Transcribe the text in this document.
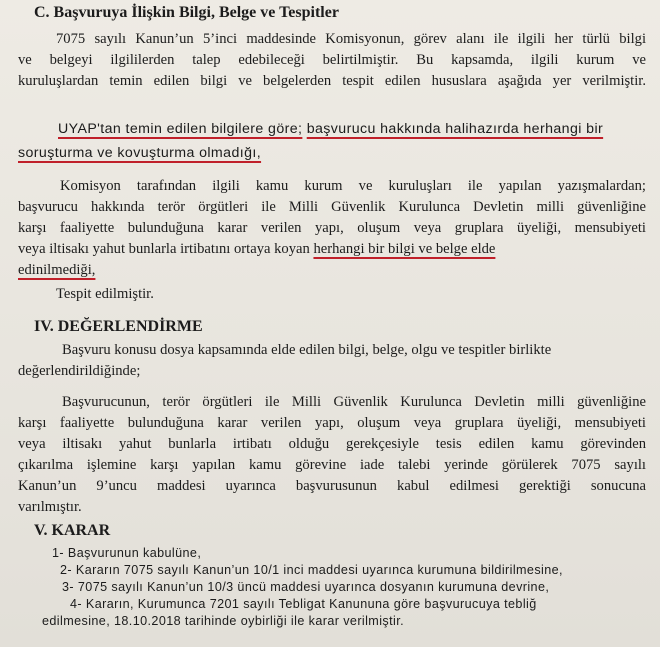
C. Başvuruya İlişkin Bilgi, Belge ve Tespitler
7075 sayılı Kanun’un 5’inci maddesinde Komisyonun, görev alanı ile ilgili her türlü bilgi
ve belgeyi ilgililerden talep edebileceği belirtilmiştir. Bu kapsamda, ilgili kurum ve
kuruluşlardan temin edilen bilgi ve belgelerden tespit edilen hususlara aşağıda yer verilmiştir.
UYAP'tan temin edilen bilgilere göre; başvurucu hakkında halihazırda herhangi bir
soruşturma ve kovuşturma olmadığı,
Komisyon tarafından ilgili kamu kurum ve kuruluşları ile yapılan yazışmalardan;
başvurucu hakkında terör örgütleri ile Milli Güvenlik Kurulunca Devletin milli güvenliğine
karşı faaliyette bulunduğuna karar verilen yapı, oluşum veya gruplara üyeliği, mensubiyeti
veya iltisakı yahut bunlarla irtibatını ortaya koyan herhangi bir bilgi ve belge elde
edinilmediği,
Tespit edilmiştir.
IV. DEĞERLENDİRME
Başvuru konusu dosya kapsamında elde edilen bilgi, belge, olgu ve tespitler birlikte
değerlendirildiğinde;
Başvurucunun, terör örgütleri ile Milli Güvenlik Kurulunca Devletin milli güvenliğine
karşı faaliyette bulunduğuna karar verilen yapı, oluşum veya gruplara üyeliği, mensubiyeti
veya iltisakı yahut bunlarla irtibatı olduğu gerekçesiyle tesis edilen kamu görevinden
çıkarılma işlemine karşı yapılan kamu görevine iade talebi yerinde görülerek 7075 sayılı
Kanun’un 9’uncu maddesi uyarınca başvurusunun kabul edilmesi gerektiği sonucuna
varılmıştır.
V. KARAR
1- Başvurunun kabulüne,
2- Kararın 7075 sayılı Kanun’un 10/1 inci maddesi uyarınca kurumuna bildirilmesine,
3- 7075 sayılı Kanun’un 10/3 üncü maddesi uyarınca dosyanın kurumuna devrine,
4- Kararın, Kurumunca 7201 sayılı Tebligat Kanununa göre başvurucuya tebliğ
edilmesine, 18.10.2018 tarihinde oybirliği ile karar verilmiştir.
